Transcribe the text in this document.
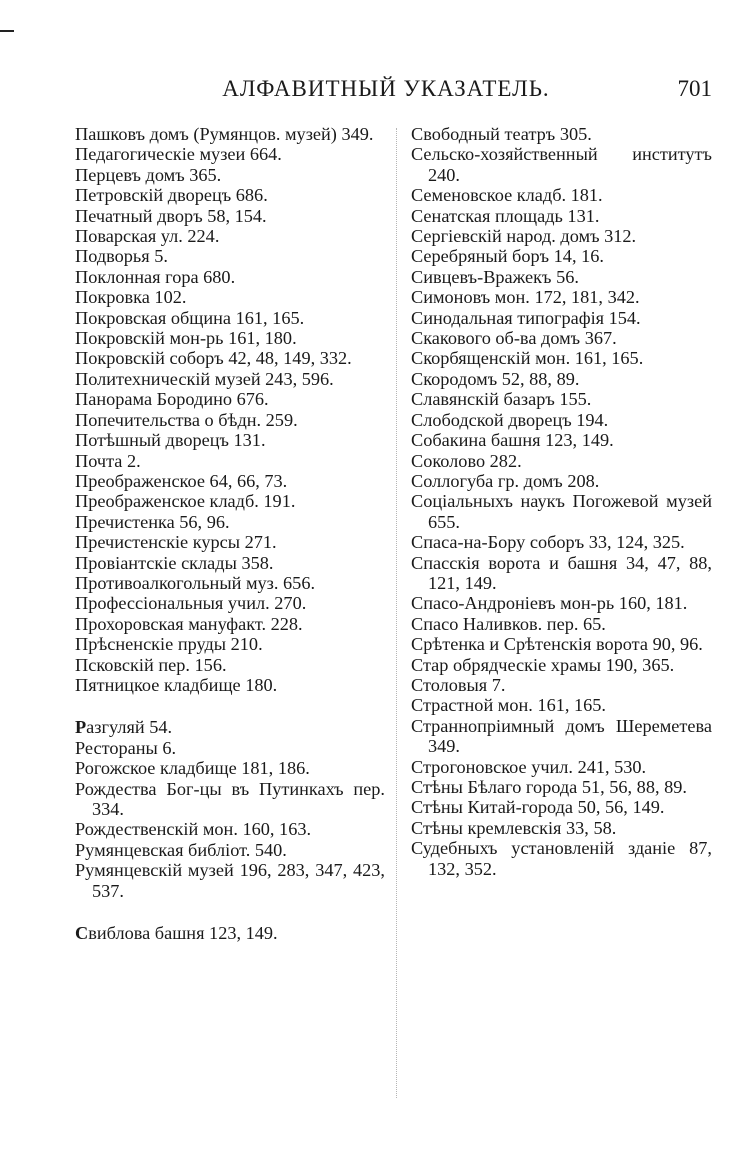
АЛФАВИТНЫЙ УКАЗАТЕЛЬ.	701

Пашковъ домъ (Румянцов. музей) 349.

Педагогическіе музеи 664.

Перцевъ домъ 365.

Петровскій дворецъ 686.

Печатный дворъ 58, 154.

Поварская ул. 224.

Подворья 5.

Поклонная гора 680.

Покровка 102.

Покровская община 161, 165.

Покровскій мон-рь 161, 180.

Покровскій соборъ 42, 48, 149, 332.

Политехническій музей 243, 596.

Панорама Бородино 676.

Попечительства о бѣдн. 259.

Потѣшный дворецъ 131.

Почта 2.

Преображенское 64, 66, 73.

Преображенское кладб. 191.

Пречистенка 56, 96.

Пречистенскіе курсы 271.

Провіантскіе склады 358.

Противоалкогольный муз. 656.

Профессіональныя учил. 270.

Прохоровская мануфакт. 228.

Прѣсненскіе пруды 210.

Псковскій пер. 156.

Пятницкое кладбище 180.

Разгуляй 54.

Рестораны 6.

Рогожское кладбище 181, 186.

Рождества Бог-цы въ Путинкахъ пер. 334.

Рождественскій мон. 160, 163.

Румянцевская библіот. 540.

Румянцевскій музей 196, 283, 347, 423, 537.

Свиблова башня 123, 149.

Свободный театръ 305.

Сельско-хозяйственный институтъ 240.

Семеновское кладб. 181.

Сенатская площадь 131.

Сергіевскій народ. домъ 312.

Серебряный боръ 14, 16.

Сивцевъ-Вражекъ 56.

Симоновъ мон. 172, 181, 342.

Синодальная типографія 154.

Скакового об-ва домъ 367.

Скорбященскій мон. 161, 165.

Скородомъ 52, 88, 89.

Славянскій базаръ 155.

Слободской дворецъ 194.

Собакина башня 123, 149.

Соколово 282.

Соллогуба гр. домъ 208.

Соціальныхъ наукъ Погожевой музей 655.

Спаса-на-Бору соборъ 33, 124, 325.

Спасскія ворота и башня 34, 47, 88, 121, 149.

Спасо-Андроніевъ мон-рь 160, 181.

Спасо Наливков. пер. 65.

Срѣтенка и Срѣтенскія ворота 90, 96.

Стар обрядческіе храмы 190, 365.

Столовыя 7.

Страстной мон. 161, 165.

Страннопріимный домъ Шереметева 349.

Строгоновское учил. 241, 530.

Стѣны Бѣлаго города 51, 56, 88, 89.

Стѣны Китай-города 50, 56, 149.

Стѣны кремлевскія 33, 58.

Судебныхъ установленій зданіе 87, 132, 352.
